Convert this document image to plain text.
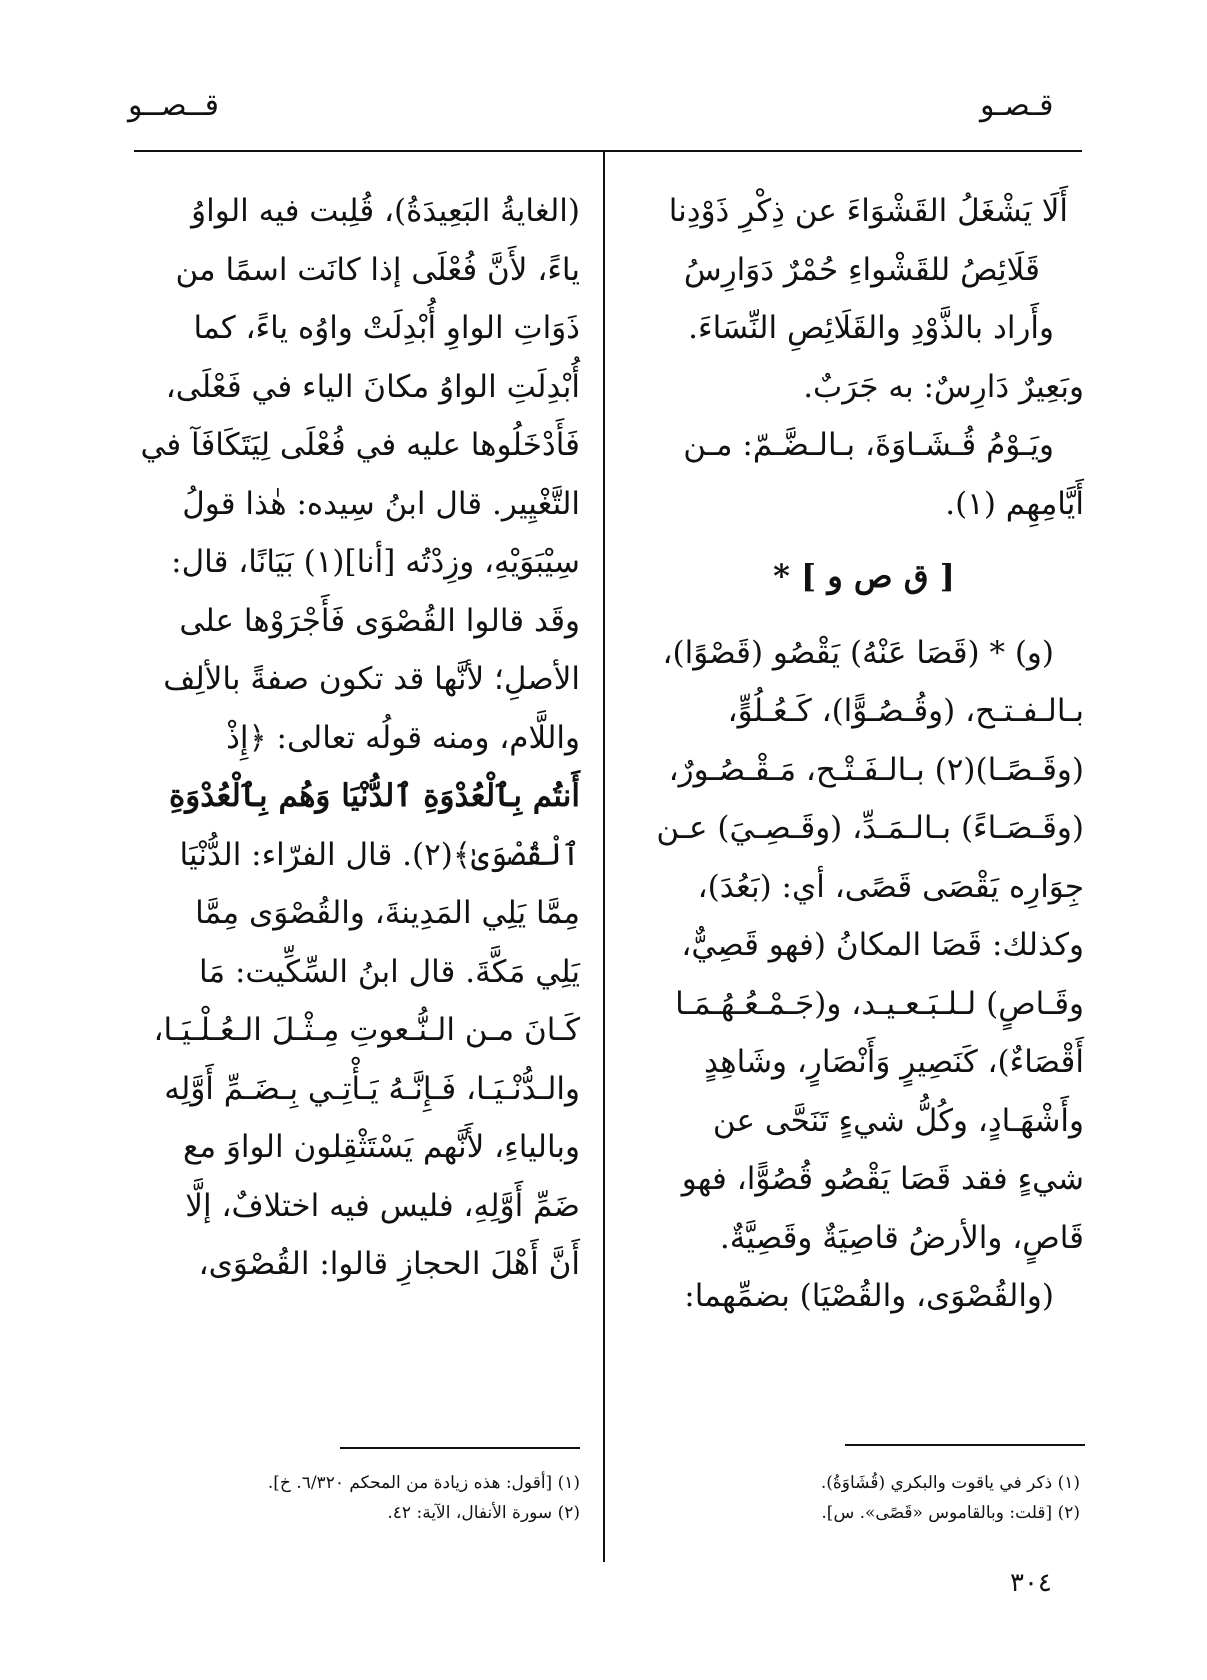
قـصـو
قــصــو
أَلَا يَشْغَلُ القَشْوَاءَ عن ذِكْرِ ذَوْدِنا
قَلَائِصُ للقَشْواءِ حُمْرٌ دَوَارِسُ
وأَراد بالذَّوْدِ والقَلَائِصِ النِّسَاءَ.
وبَعِيرٌ دَارِسٌ: به جَرَبٌ.
ويَـوْمُ قُـشَـاوَةَ، بـالـضَّـمّ: مـن
أَيَّامِهِم (١).
[ ق ص و ] *
(و) * (قَصَا عَنْهُ) يَقْصُو (قَصْوًا)،
بـالـفـتـح، (وقُـصُـوًّا)، كَـعُـلُوٍّ،
(وقَـصًـا)(٢) بـالـفَـتْـح، مَـقْـصُـورٌ،
(وقَـصَـاءً) بـالـمَـدِّ، (وقَـصِـيَ) عـن
جِوَارِه يَقْصَى قَصًى، أي: (بَعُدَ)،
وكذلك: قَصَا المكانُ (فهو قَصِيٌّ،
وقَـاصٍ) لـلـبَـعـيـد، و(جَـمْـعُـهُـمَـا
أَقْصَاءٌ)، كَنَصِيرٍ وَأَنْصَارٍ، وشَاهِدٍ
وأَشْهَـادٍ، وكُلُّ شيءٍ تَنَحَّى عن
شيءٍ فقد قَصَا يَقْصُو قُصُوًّا، فهو
قَاصٍ، والأرضُ قاصِيَةٌ وقَصِيَّةٌ.
(والقُصْوَى، والقُصْيَا) بضمِّهما:
(الغايةُ البَعِيدَةُ)، قُلِبت فيه الواوُ
ياءً، لأَنَّ فُعْلَى إذا كانَت اسمًا من
ذَوَاتِ الواوِ أُبْدِلَتْ واوُه ياءً، كما
أُبْدِلَتِ الواوُ مكانَ الياء في فَعْلَى،
فَأَدْخَلُوها عليه في فُعْلَى لِيَتَكَافَآ في
التَّغْيِير. قال ابنُ سِيده: هٰذا قولُ
سِيْبَوَيْهِ، وزِدْتُه [أنا](١) بَيَانًا، قال:
وقَد قالوا القُصْوَى فَأَجْرَوْها على
الأصلِ؛ لأنَّها قد تكون صفةً بالألِف
واللَّام، ومنه قولُه تعالى: ﴿إِذْ
أَنتُم بِٱلْعُدْوَةِ ٱلدُّنْيَا وَهُم بِٱلْعُدْوَةِ
ٱلْقُصْوَىٰ﴾(٢). قال الفرّاء: الدُّنْيَا
مِمَّا يَلِي المَدِينةَ، والقُصْوَى مِمَّا
يَلِي مَكَّةَ. قال ابنُ السِّكِّيت: مَا
كَـانَ مـن الـنُّـعوتِ مِـثْـلَ الـعُـلْـيَـا،
والـدُّنْـيَـا، فَـإِنَّـهُ يَـأْتِـي بِـضَـمِّ أَوَّلِه
وبالياءِ، لأَنَّهم يَسْتَثْقِلون الواوَ مع
ضَمِّ أَوَّلِهِ، فليس فيه اختلافٌ، إلَّا
أَنَّ أَهْلَ الحجازِ قالوا: القُصْوَى،
(١) ذكر في ياقوت والبكري (قُشَاوَةُ).
(٢) [قلت: وبالقاموس «قَصًى». س].
(١) [أقول: هذه زيادة من المحكم ٦/٣٢٠. خ].
(٢) سورة الأنفال، الآية: ٤٢.
٣٠٤
